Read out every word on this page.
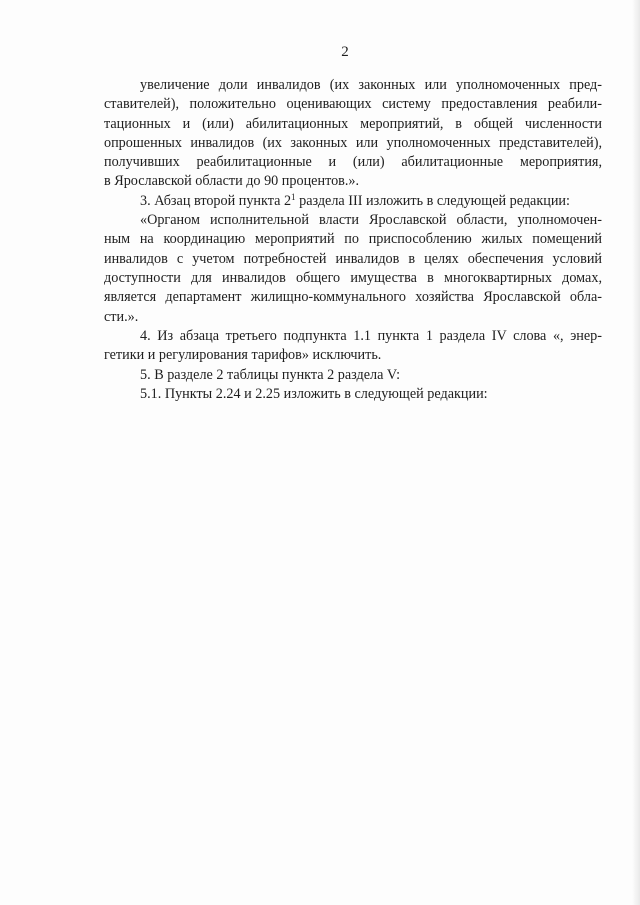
2
увеличение доли инвалидов (их законных или уполномоченных пред-
ставителей), положительно оценивающих систему предоставления реабили-
тационных и (или) абилитационных мероприятий, в общей численности
опрошенных инвалидов (их законных или уполномоченных представителей),
получивших реабилитационные и (или) абилитационные мероприятия,
в Ярославской области до 90 процентов.».
3. Абзац второй пункта $2^1$ раздела III изложить в следующей редакции:
«Органом исполнительной власти Ярославской области, уполномочен-
ным на координацию мероприятий по приспособлению жилых помещений
инвалидов с учетом потребностей инвалидов в целях обеспечения условий
доступности для инвалидов общего имущества в многоквартирных домах,
является департамент жилищно-коммунального хозяйства Ярославской обла-
сти.».
4. Из абзаца третьего подпункта 1.1 пункта 1 раздела IV слова «, энер-
гетики и регулирования тарифов» исключить.
5. В разделе 2 таблицы пункта 2 раздела V:
5.1. Пункты 2.24 и 2.25 изложить в следующей редакции:
